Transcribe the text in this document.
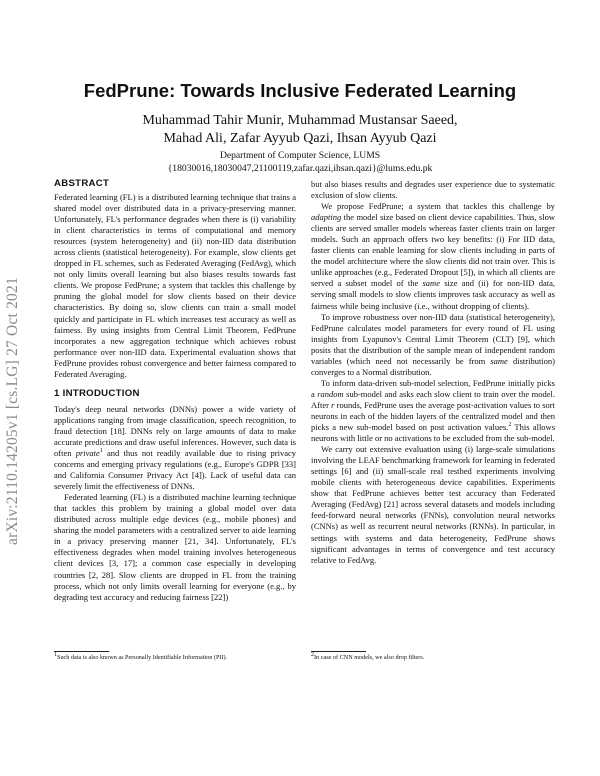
arXiv:2110.14205v1 [cs.LG] 27 Oct 2021
FedPrune: Towards Inclusive Federated Learning
Muhammad Tahir Munir, Muhammad Mustansar Saeed, Mahad Ali, Zafar Ayyub Qazi, Ihsan Ayyub Qazi
Department of Computer Science, LUMS
{18030016,18030047,21100119,zafar.qazi,ihsan.qazi}@lums.edu.pk
ABSTRACT

Federated learning (FL) is a distributed learning technique that trains a shared model over distributed data in a privacy-preserving manner. Unfortunately, FL's performance degrades when there is (i) variability in client characteristics in terms of computational and memory resources (system heterogeneity) and (ii) non-IID data distribution across clients (statistical heterogeneity). For example, slow clients get dropped in FL schemes, such as Federated Averaging (FedAvg), which not only limits overall learning but also biases results towards fast clients. We propose FedPrune; a system that tackles this challenge by pruning the global model for slow clients based on their device characteristics. By doing so, slow clients can train a small model quickly and participate in FL which increases test accuracy as well as fairness. By using insights from Central Limit Theorem, FedPrune incorporates a new aggregation technique which achieves robust performance over non-IID data. Experimental evaluation shows that FedPrune provides robust convergence and better fairness compared to Federated Averaging.

1 INTRODUCTION

Today's deep neural networks (DNNs) power a wide variety of applications ranging from image classification, speech recognition, to fraud detection [18]. DNNs rely on large amounts of data to make accurate predictions and draw useful inferences. However, such data is often private$^1$ and thus not readily available due to rising privacy concerns and emerging privacy regulations (e.g., Europe's GDPR [33] and California Consumer Privacy Act [4]). Lack of useful data can severely limit the effectiveness of DNNs.

Federated learning (FL) is a distributed machine learning technique that tackles this problem by training a global model over data distributed across multiple edge devices (e.g., mobile phones) and sharing the model parameters with a centralized server to aide learning in a privacy preserving manner [21, 34]. Unfortunately, FL's effectiveness degrades when model training involves heterogeneous client devices [3, 17]; a common case especially in developing countries [2, 28]. Slow clients are dropped in FL from the training process, which not only limits overall learning for everyone (e.g., by degrading test accuracy and reducing fairness [22])

but also biases results and degrades user experience due to systematic exclusion of slow clients.

We propose FedPrune; a system that tackles this challenge by adapting the model size based on client device capabilities. Thus, slow clients are served smaller models whereas faster clients train on larger models. Such an approach offers two key benefits: (i) For IID data, faster clients can enable learning for slow clients including in parts of the model architecture where the slow clients did not train over. This is unlike approaches (e.g., Federated Dropout [5]), in which all clients are served a subset model of the same size and (ii) for non-IID data, serving small models to slow clients improves task accuracy as well as fairness while being inclusive (i.e., without dropping of clients).

To improve robustness over non-IID data (statistical heterogeneity), FedPrune calculates model parameters for every round of FL using insights from Lyapunov's Central Limit Theorem (CLT) [9], which posits that the distribution of the sample mean of independent random variables (which need not necessarily be from same distribution) converges to a Normal distribution.

To inform data-driven sub-model selection, FedPrune initially picks a random sub-model and asks each slow client to train over the model. After r rounds, FedPrune uses the average post-activation values to sort neurons in each of the hidden layers of the centralized model and then picks a new sub-model based on post activation values.$^2$ This allows neurons with little or no activations to be excluded from the sub-model.

We carry out extensive evaluation using (i) large-scale simulations involving the LEAF benchmarking framework for learning in federated settings [6] and (ii) small-scale real testbed experiments involving mobile clients with heterogeneous device capabilities. Experiments show that FedPrune achieves better test accuracy than Federated Averaging (FedAvg) [21] across several datasets and models including feed-forward neural networks (FNNs), convolution neural networks (CNNs) as well as recurrent neural networks (RNNs). In particular, in settings with systems and data heterogeneity, FedPrune shows significant advantages in terms of convergence and test accuracy relative to FedAvg.

$^1$Such data is also known as Personally Identifiable Information (PII).	$^2$In case of CNN models, we also drop filters.
